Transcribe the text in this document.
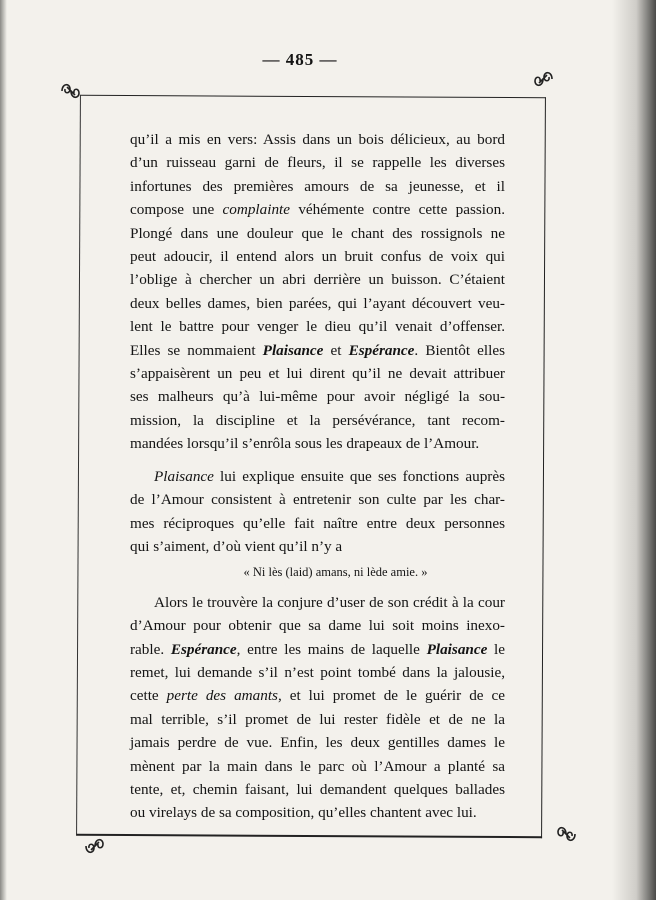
— 485 —

qu’il a mis en vers: Assis dans un bois délicieux, au bord
d’un ruisseau garni de fleurs, il se rappelle les diverses
infortunes des premières amours de sa jeunesse, et il
compose une complainte véhémente contre cette passion.
Plongé dans une douleur que le chant des rossignols ne
peut adoucir, il entend alors un bruit confus de voix qui
l’oblige à chercher un abri derrière un buisson. C’étaient
deux belles dames, bien parées, qui l’ayant découvert veu-
lent le battre pour venger le dieu qu’il venait d’offenser.
Elles se nommaient Plaisance et Espérance. Bientôt elles
s’appaisèrent un peu et lui dirent qu’il ne devait attribuer
ses malheurs qu’à lui-même pour avoir négligé la sou-
mission, la discipline et la persévérance, tant recom-
mandées lorsqu’il s’enrôla sous les drapeaux de l’Amour.

Plaisance lui explique ensuite que ses fonctions auprès
de l’Amour consistent à entretenir son culte par les char-
mes réciproques qu’elle fait naître entre deux personnes
qui s’aiment, d’où vient qu’il n’y a

« Ni lès (laid) amans, ni lède amie. »

Alors le trouvère la conjure d’user de son crédit à la cour
d’Amour pour obtenir que sa dame lui soit moins inexo-
rable. Espérance, entre les mains de laquelle Plaisance le
remet, lui demande s’il n’est point tombé dans la jalousie,
cette perte des amants, et lui promet de le guérir de ce
mal terrible, s’il promet de lui rester fidèle et de ne la
jamais perdre de vue. Enfin, les deux gentilles dames le
mènent par la main dans le parc où l’Amour a planté sa
tente, et, chemin faisant, lui demandent quelques ballades
ou virelays de sa composition, qu’elles chantent avec lui.
